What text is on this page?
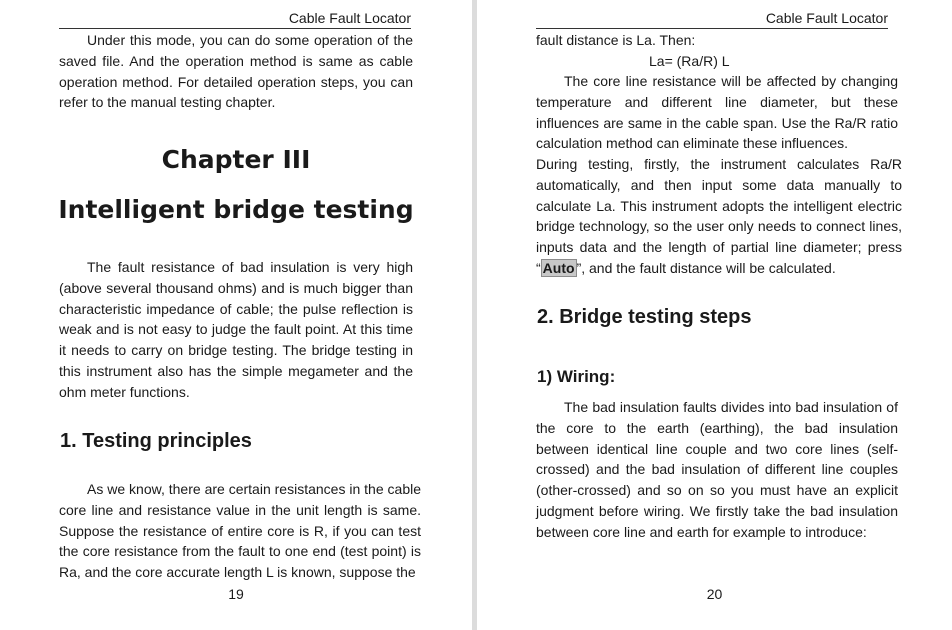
Cable Fault Locator

Under this mode, you can do some operation of the saved file. And the operation method is same as cable operation method. For detailed operation steps, you can refer to the manual testing chapter.

Chapter III
Intelligent bridge testing

The fault resistance of bad insulation is very high (above several thousand ohms) and is much bigger than characteristic impedance of cable; the pulse reflection is weak and is not easy to judge the fault point. At this time it needs to carry on bridge testing. The bridge testing in this instrument also has the simple megameter and the ohm meter functions.

1. Testing principles

As we know, there are certain resistances in the cable core line and resistance value in the unit length is same. Suppose the resistance of entire core is R, if you can test the core resistance from the fault to one end (test point) is Ra, and the core accurate length L is known, suppose the

19
Cable Fault Locator
fault distance is La. Then:
La= (Ra/R) L

The core line resistance will be affected by changing temperature and different line diameter, but these influences are same in the cable span. Use the Ra/R ratio calculation method can eliminate these influences.

During testing, firstly, the instrument calculates Ra/R automatically, and then input some data manually to calculate La. This instrument adopts the intelligent electric bridge technology, so the user only needs to connect lines, inputs data and the length of partial line diameter; press “ Auto ”, and the fault distance will be calculated.

2. Bridge testing steps
1) Wiring:

The bad insulation faults divides into bad insulation of the core to the earth (earthing), the bad insulation between identical line couple and two core lines (self-crossed) and the bad insulation of different line couples (other-crossed) and so on so you must have an explicit judgment before wiring. We firstly take the bad insulation between core line and earth for example to introduce:

20
